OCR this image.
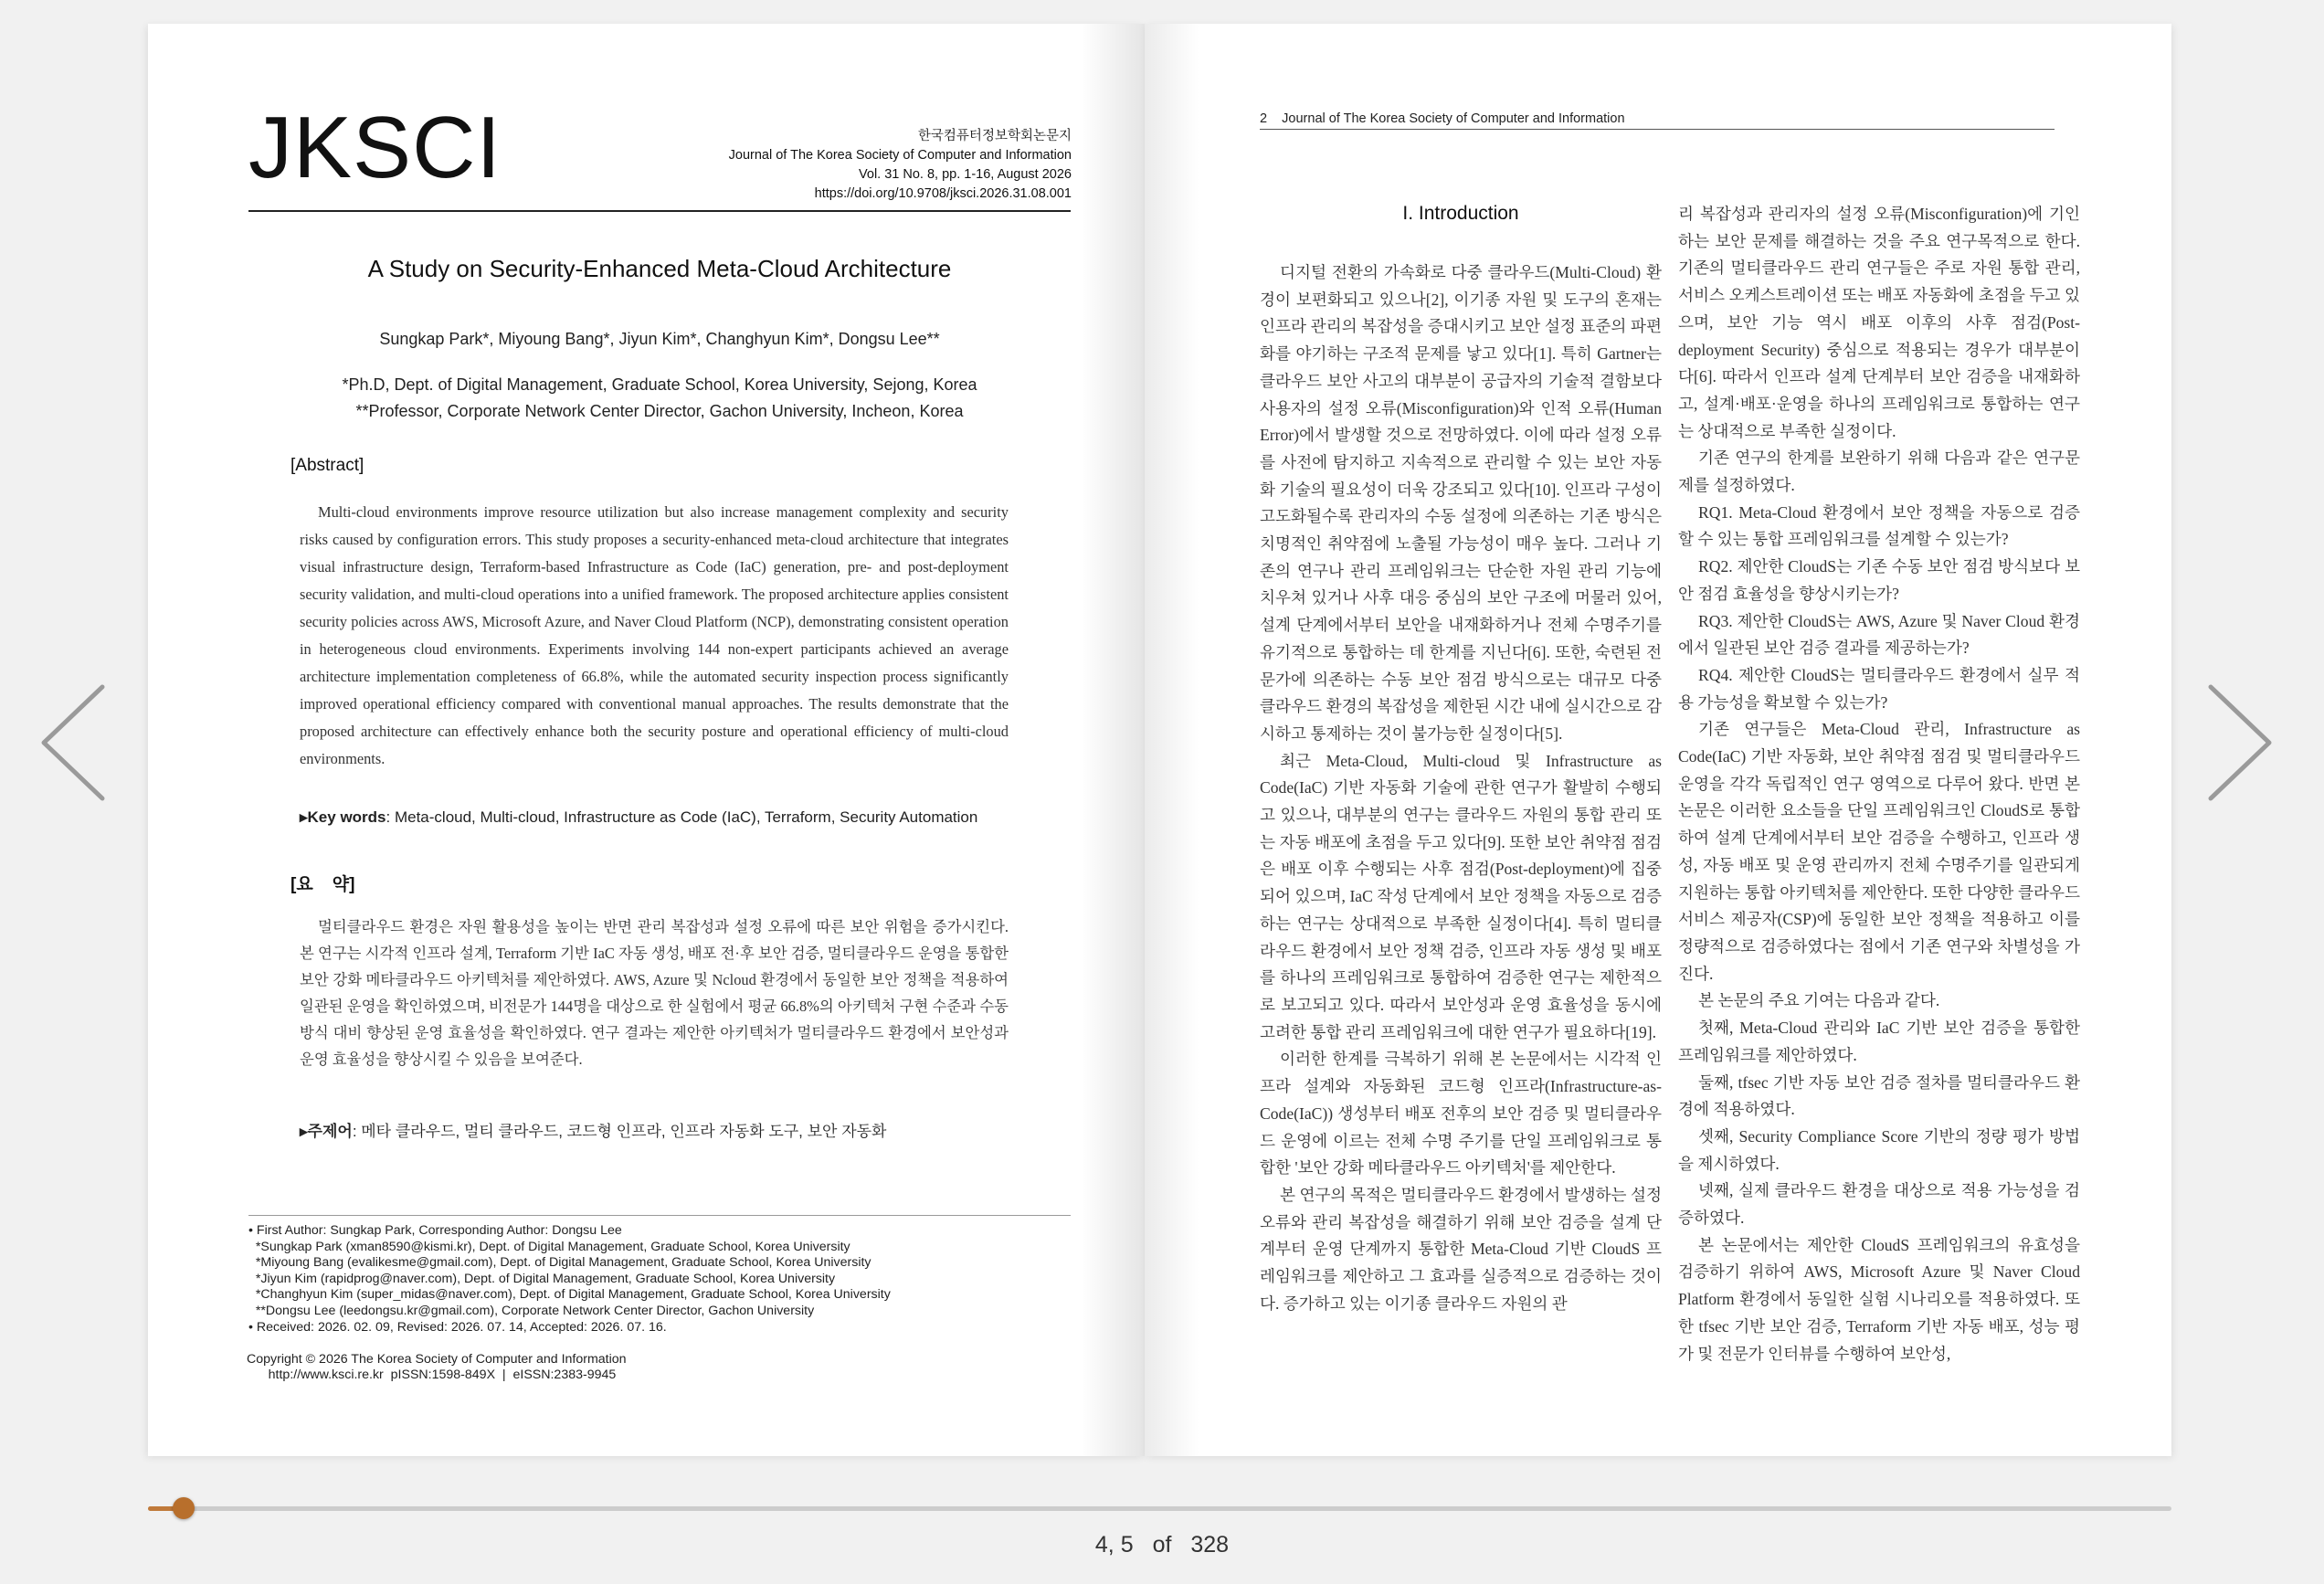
JKSCI	한국컴퓨터정보학회논문지
Journal of The Korea Society of Computer and Information
Vol. 31 No. 8, pp. 1-16, August 2026
https://doi.org/10.9708/jksci.2026.31.08.001
A Study on Security-Enhanced Meta-Cloud Architecture
Sungkap Park*, Miyoung Bang*, Jiyun Kim*, Changhyun Kim*, Dongsu Lee**
*Ph.D, Dept. of Digital Management, Graduate School, Korea University, Sejong, Korea
**Professor, Corporate Network Center Director, Gachon University, Incheon, Korea
[Abstract]
Multi-cloud environments improve resource utilization but also increase management complexity and security risks caused by configuration errors. This study proposes a security-enhanced meta-cloud architecture that integrates visual infrastructure design, Terraform-based Infrastructure as Code (IaC) generation, pre- and post-deployment security validation, and multi-cloud operations into a unified framework. The proposed architecture applies consistent security policies across AWS, Microsoft Azure, and Naver Cloud Platform (NCP), demonstrating consistent operation in heterogeneous cloud environments. Experiments involving 144 non-expert participants achieved an average architecture implementation completeness of 66.8%, while the automated security inspection process significantly improved operational efficiency compared with conventional manual approaches. The results demonstrate that the proposed architecture can effectively enhance both the security posture and operational efficiency of multi-cloud environments.
▸Key words: Meta-cloud, Multi-cloud, Infrastructure as Code (IaC), Terraform, Security Automation
[요    약]
멀티클라우드 환경은 자원 활용성을 높이는 반면 관리 복잡성과 설정 오류에 따른 보안 위험을 증가시킨다. 본 연구는 시각적 인프라 설계, Terraform 기반 IaC 자동 생성, 배포 전·후 보안 검증, 멀티클라우드 운영을 통합한 보안 강화 메타클라우드 아키텍처를 제안하였다. AWS, Azure 및 Ncloud 환경에서 동일한 보안 정책을 적용하여 일관된 운영을 확인하였으며, 비전문가 144명을 대상으로 한 실험에서 평균 66.8%의 아키텍처 구현 수준과 수동 방식 대비 향상된 운영 효율성을 확인하였다. 연구 결과는 제안한 아키텍처가 멀티클라우드 환경에서 보안성과 운영 효율성을 향상시킬 수 있음을 보여준다.
▸주제어: 메타 클라우드, 멀티 클라우드, 코드형 인프라, 인프라 자동화 도구, 보안 자동화
• First Author: Sungkap Park, Corresponding Author: Dongsu Lee
*Sungkap Park (xman8590@kismi.kr), Dept. of Digital Management, Graduate School, Korea University
*Miyoung Bang (evalikesme@gmail.com), Dept. of Digital Management, Graduate School, Korea University
*Jiyun Kim (rapidprog@naver.com), Dept. of Digital Management, Graduate School, Korea University
*Changhyun Kim (super_midas@naver.com), Dept. of Digital Management, Graduate School, Korea University
**Dongsu Lee (leedongsu.kr@gmail.com), Corporate Network Center Director, Gachon University
• Received: 2026. 02. 09, Revised: 2026. 07. 14, Accepted: 2026. 07. 16.
Copyright © 2026 The Korea Society of Computer and Information
http://www.ksci.re.kr  pISSN:1598-849X  |  eISSN:2383-9945
2    Journal of The Korea Society of Computer and Information
I. Introduction

디지털 전환의 가속화로 다중 클라우드(Multi-Cloud) 환경이 보편화되고 있으나[2], 이기종 자원 및 도구의 혼재는 인프라 관리의 복잡성을 증대시키고 보안 설정 표준의 파편화를 야기하는 구조적 문제를 낳고 있다[1]. 특히 Gartner는 클라우드 보안 사고의 대부분이 공급자의 기술적 결함보다 사용자의 설정 오류(Misconfiguration)와 인적 오류(Human Error)에서 발생할 것으로 전망하였다. 이에 따라 설정 오류를 사전에 탐지하고 지속적으로 관리할 수 있는 보안 자동화 기술의 필요성이 더욱 강조되고 있다[10]. 인프라 구성이 고도화될수록 관리자의 수동 설정에 의존하는 기존 방식은 치명적인 취약점에 노출될 가능성이 매우 높다. 그러나 기존의 연구나 관리 프레임워크는 단순한 자원 관리 기능에 치우쳐 있거나 사후 대응 중심의 보안 구조에 머물러 있어, 설계 단계에서부터 보안을 내재화하거나 전체 수명주기를 유기적으로 통합하는 데 한계를 지닌다[6]. 또한, 숙련된 전문가에 의존하는 수동 보안 점검 방식으로는 대규모 다중 클라우드 환경의 복잡성을 제한된 시간 내에 실시간으로 감시하고 통제하는 것이 불가능한 실정이다[5].

최근 Meta-Cloud, Multi-cloud 및 Infrastructure as Code(IaC) 기반 자동화 기술에 관한 연구가 활발히 수행되고 있으나, 대부분의 연구는 클라우드 자원의 통합 관리 또는 자동 배포에 초점을 두고 있다[9]. 또한 보안 취약점 점검은 배포 이후 수행되는 사후 점검(Post-deployment)에 집중되어 있으며, IaC 작성 단계에서 보안 정책을 자동으로 검증하는 연구는 상대적으로 부족한 실정이다[4]. 특히 멀티클라우드 환경에서 보안 정책 검증, 인프라 자동 생성 및 배포를 하나의 프레임워크로 통합하여 검증한 연구는 제한적으로 보고되고 있다. 따라서 보안성과 운영 효율성을 동시에 고려한 통합 관리 프레임워크에 대한 연구가 필요하다[19].

이러한 한계를 극복하기 위해 본 논문에서는 시각적 인프라 설계와 자동화된 코드형 인프라(Infrastructure-as-Code(IaC)) 생성부터 배포 전후의 보안 검증 및 멀티클라우드 운영에 이르는 전체 수명 주기를 단일 프레임워크로 통합한 '보안 강화 메타클라우드 아키텍처'를 제안한다.

본 연구의 목적은 멀티클라우드 환경에서 발생하는 설정 오류와 관리 복잡성을 해결하기 위해 보안 검증을 설계 단계부터 운영 단계까지 통합한 Meta-Cloud 기반 CloudS 프레임워크를 제안하고 그 효과를 실증적으로 검증하는 것이다. 증가하고 있는 이기종 클라우드 자원의 관

리 복잡성과 관리자의 설정 오류(Misconfiguration)에 기인하는 보안 문제를 해결하는 것을 주요 연구목적으로 한다. 기존의 멀티클라우드 관리 연구들은 주로 자원 통합 관리, 서비스 오케스트레이션 또는 배포 자동화에 초점을 두고 있으며, 보안 기능 역시 배포 이후의 사후 점검(Post-deployment Security) 중심으로 적용되는 경우가 대부분이다[6]. 따라서 인프라 설계 단계부터 보안 검증을 내재화하고, 설계·배포·운영을 하나의 프레임워크로 통합하는 연구는 상대적으로 부족한 실정이다.

기존 연구의 한계를 보완하기 위해 다음과 같은 연구문제를 설정하였다.

RQ1. Meta-Cloud 환경에서 보안 정책을 자동으로 검증할 수 있는 통합 프레임워크를 설계할 수 있는가?

RQ2. 제안한 CloudS는 기존 수동 보안 점검 방식보다 보안 점검 효율성을 향상시키는가?

RQ3. 제안한 CloudS는 AWS, Azure 및 Naver Cloud 환경에서 일관된 보안 검증 결과를 제공하는가?

RQ4. 제안한 CloudS는 멀티클라우드 환경에서 실무 적용 가능성을 확보할 수 있는가?

기존 연구들은 Meta-Cloud 관리, Infrastructure as Code(IaC) 기반 자동화, 보안 취약점 점검 및 멀티클라우드 운영을 각각 독립적인 연구 영역으로 다루어 왔다. 반면 본 논문은 이러한 요소들을 단일 프레임워크인 CloudS로 통합하여 설계 단계에서부터 보안 검증을 수행하고, 인프라 생성, 자동 배포 및 운영 관리까지 전체 수명주기를 일관되게 지원하는 통합 아키텍처를 제안한다. 또한 다양한 클라우드 서비스 제공자(CSP)에 동일한 보안 정책을 적용하고 이를 정량적으로 검증하였다는 점에서 기존 연구와 차별성을 가진다.

본 논문의 주요 기여는 다음과 같다.

첫째, Meta-Cloud 관리와 IaC 기반 보안 검증을 통합한 프레임워크를 제안하였다.

둘째, tfsec 기반 자동 보안 검증 절차를 멀티클라우드 환경에 적용하였다.

셋째, Security Compliance Score 기반의 정량 평가 방법을 제시하였다.

넷째, 실제 클라우드 환경을 대상으로 적용 가능성을 검증하였다.

본 논문에서는 제안한 CloudS 프레임워크의 유효성을 검증하기 위하여 AWS, Microsoft Azure 및 Naver Cloud Platform 환경에서 동일한 실험 시나리오를 적용하였다. 또한 tfsec 기반 보안 검증, Terraform 기반 자동 배포, 성능 평가 및 전문가 인터뷰를 수행하여 보안성,

4, 5 of 328
